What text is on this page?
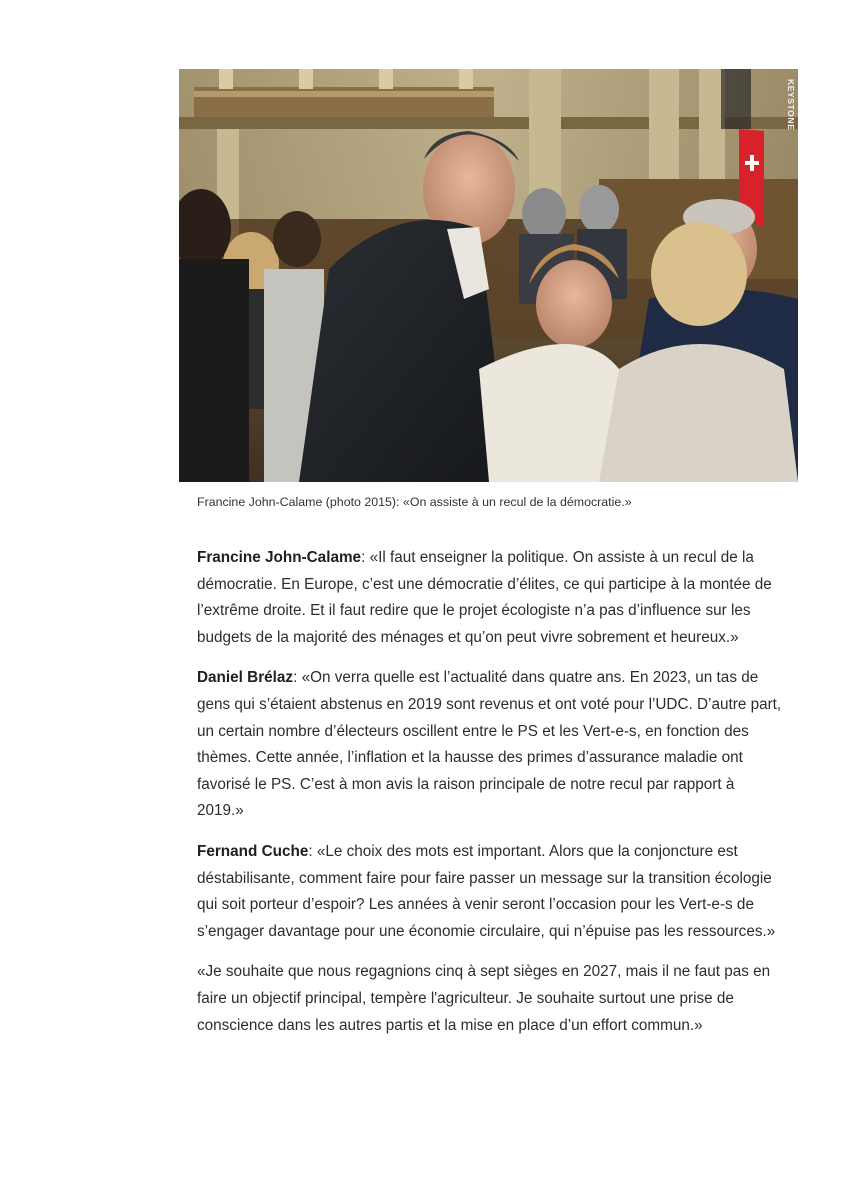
KEYSTONE
Francine John-Calame (photo 2015): «On assiste à un recul de la démocratie.»

Francine John-Calame: «Il faut enseigner la politique. On assiste à un recul de la démocratie. En Europe, c’est une démocratie d’élites, ce qui participe à la montée de l’extrême droite. Et il faut redire que le projet écologiste n’a pas d’influence sur les budgets de la majorité des ménages et qu’on peut vivre sobrement et heureux.»

Daniel Brélaz: «On verra quelle est l’actualité dans quatre ans. En 2023, un tas de gens qui s’étaient abstenus en 2019 sont revenus et ont voté pour l’UDC. D’autre part, un certain nombre d’électeurs oscillent entre le PS et les Vert-e-s, en fonction des thèmes. Cette année, l’inflation et la hausse des primes d’assurance maladie ont favorisé le PS. C’est à mon avis la raison principale de notre recul par rapport à 2019.»

Fernand Cuche: «Le choix des mots est important. Alors que la conjoncture est déstabilisante, comment faire pour faire passer un message sur la transition écologie qui soit porteur d’espoir? Les années à venir seront l’occasion pour les Vert-e-s de s’engager davantage pour une économie circulaire, qui n’épuise pas les ressources.»

«Je souhaite que nous regagnions cinq à sept sièges en 2027, mais il ne faut pas en faire un objectif principal, tempère l'agriculteur. Je souhaite surtout une prise de conscience dans les autres partis et la mise en place d’un effort commun.»
